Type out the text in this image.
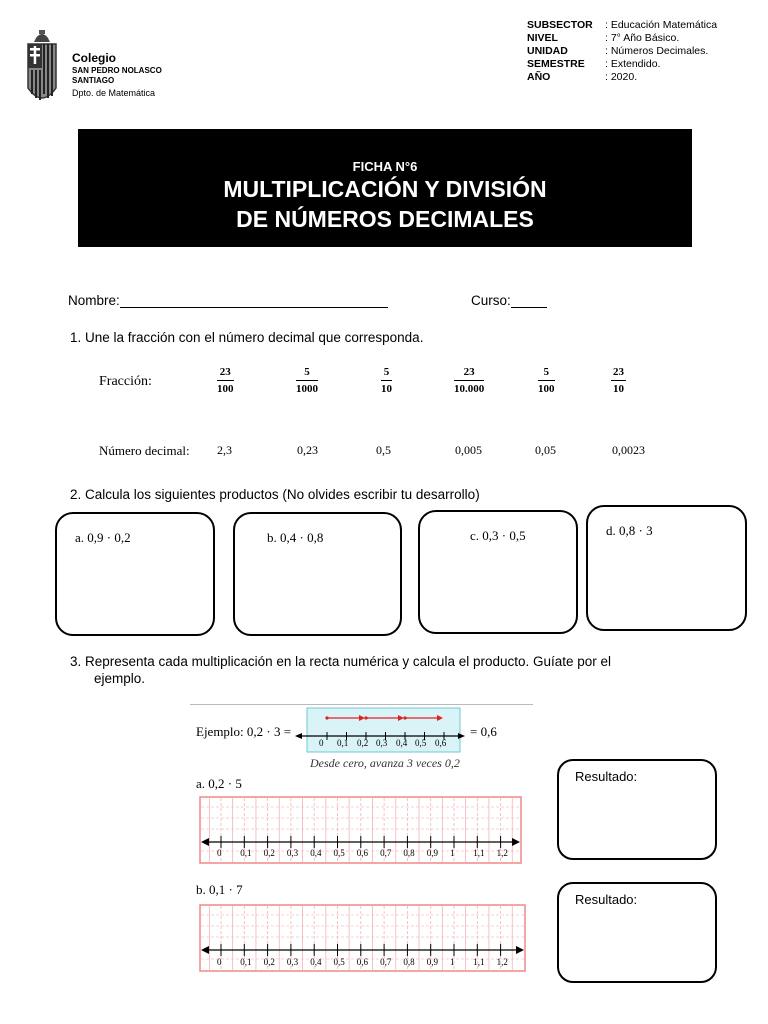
Colegio
SAN PEDRO NOLASCO
SANTIAGO
Dpto. de Matemática
SUBSECTOR	: Educación Matemática
NIVEL	: 7° Año Básico.
UNIDAD	: Números Decimales.
SEMESTRE	: Extendido.
AÑO	: 2020.
FICHA N°6
MULTIPLICACIÓN Y DIVISIÓN
DE NÚMEROS DECIMALES
Nombre:	Curso:
1. Une la fracción con el número decimal que corresponda.
Fracción:	$\frac{23}{100}$	$\frac{5}{1000}$	$\frac{5}{10}$	$\frac{23}{10.000}$	$\frac{5}{100}$	$\frac{23}{10}$
Número decimal: 2,3	0,23	0,5	0,005	0,05	0,0023
2. Calcula los siguientes productos (No olvides escribir tu desarrollo)
a. 0,9 · 0,2	b. 0,4 · 0,8	c. 0,3 · 0,5	d. 0,8 · 3
3. Representa cada multiplicación en la recta numérica y calcula el producto. Guíate por el
ejemplo.
Ejemplo: 0,2 · 3 =	= 0,6
0 0,1 0,2 0,3 0,4 0,5 0,6
Desde cero, avanza 3 veces 0,2
a. 0,2 · 5
0 0,1 0,2 0,3 0,4 0,5 0,6 0,7 0,8 0,9 1 1,1 1,2
Resultado:
b. 0,1 · 7
0 0,1 0,2 0,3 0,4 0,5 0,6 0,7 0,8 0,9 1 1,1 1,2
Resultado:
